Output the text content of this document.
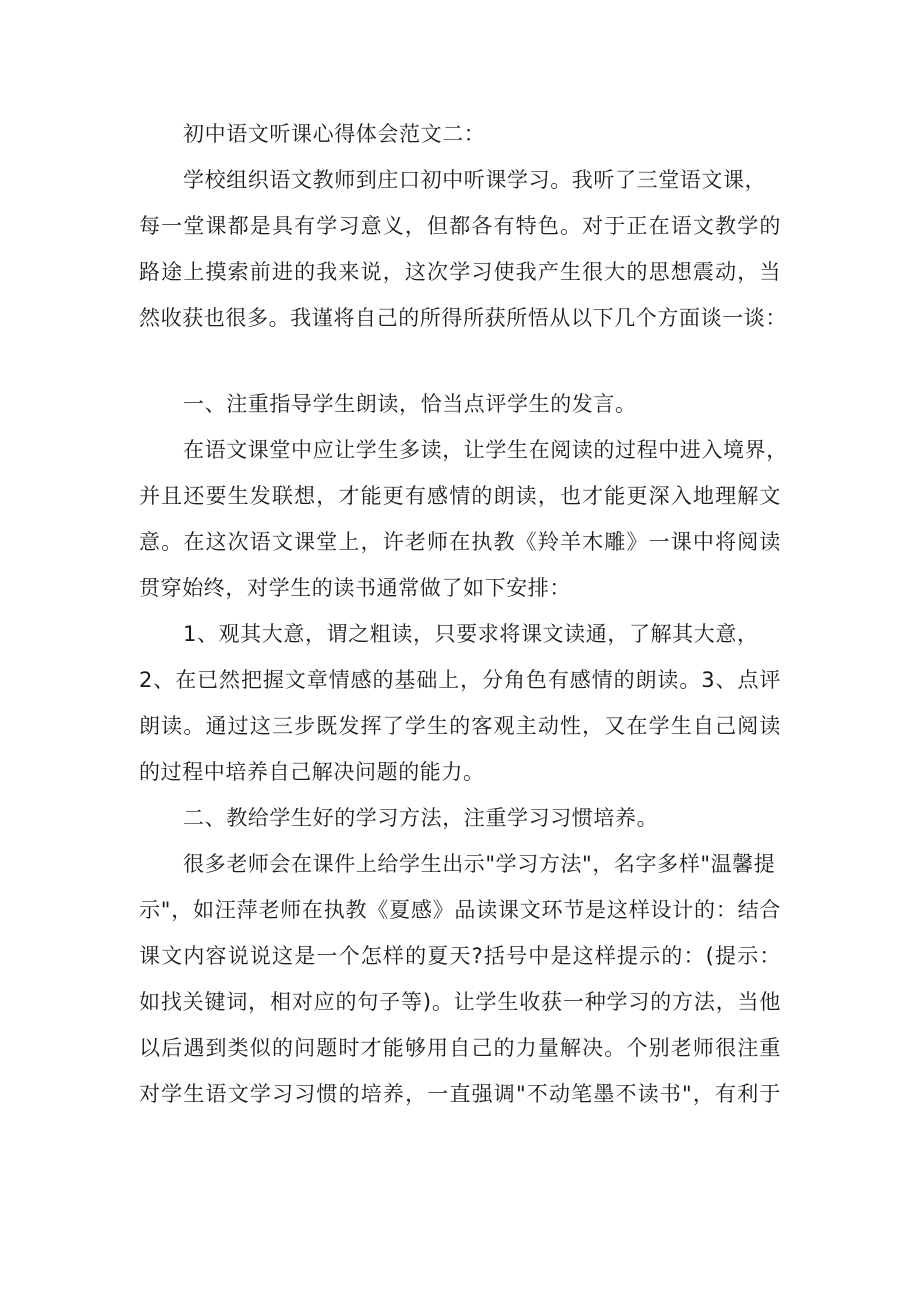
初中语文听课心得体会范文二：
学校组织语文教师到庄口初中听课学习。我听了三堂语文课，
每一堂课都是具有学习意义，但都各有特色。对于正在语文教学的
路途上摸索前进的我来说，这次学习使我产生很大的思想震动，当
然收获也很多。我谨将自己的所得所获所悟从以下几个方面谈一谈：
一、注重指导学生朗读，恰当点评学生的发言。
在语文课堂中应让学生多读，让学生在阅读的过程中进入境界，
并且还要生发联想，才能更有感情的朗读，也才能更深入地理解文
意。在这次语文课堂上，许老师在执教《羚羊木雕》一课中将阅读
贯穿始终，对学生的读书通常做了如下安排：
1、观其大意，谓之粗读，只要求将课文读通，了解其大意，
2、在已然把握文章情感的基础上，分角色有感情的朗读。3、点评
朗读。通过这三步既发挥了学生的客观主动性，又在学生自己阅读
的过程中培养自己解决问题的能力。
二、教给学生好的学习方法，注重学习习惯培养。
很多老师会在课件上给学生出示"学习方法"，名字多样"温馨提
示"，如汪萍老师在执教《夏感》品读课文环节是这样设计的：结合
课文内容说说这是一个怎样的夏天?括号中是这样提示的：(提示：
如找关键词，相对应的句子等)。让学生收获一种学习的方法，当他
以后遇到类似的问题时才能够用自己的力量解决。个别老师很注重
对学生语文学习习惯的培养，一直强调"不动笔墨不读书"，有利于
